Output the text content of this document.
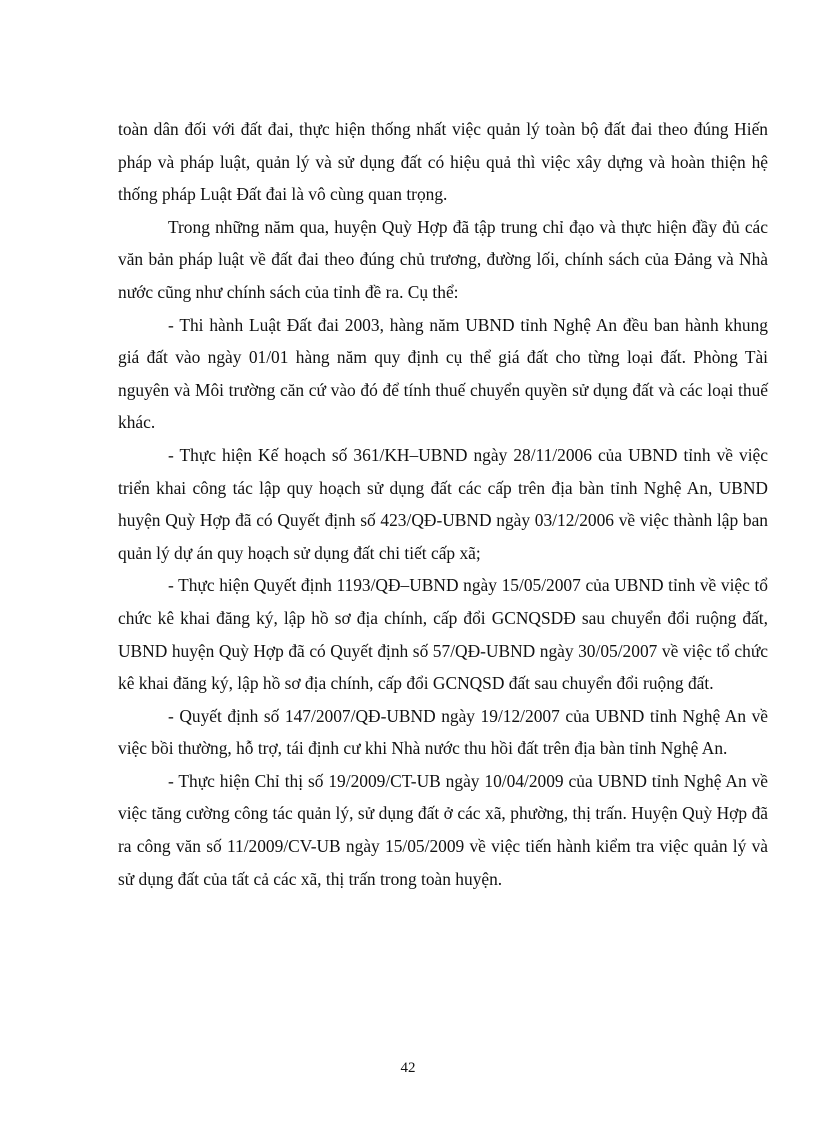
toàn dân đối với đất đai, thực hiện thống nhất việc quản lý toàn bộ đất đai theo đúng Hiến pháp và pháp luật, quản lý và sử dụng đất có hiệu quả thì việc xây dựng và hoàn thiện hệ thống pháp Luật Đất đai là vô cùng quan trọng.

Trong những năm qua, huyện Quỳ Hợp đã tập trung chỉ đạo và thực hiện đầy đủ các văn bản pháp luật về đất đai theo đúng chủ trương, đường lối, chính sách của Đảng và Nhà nước cũng như chính sách của tỉnh đề ra. Cụ thể:

- Thi hành Luật Đất đai 2003, hàng năm UBND tỉnh Nghệ An đều ban hành khung giá đất vào ngày 01/01 hàng năm quy định cụ thể giá đất cho từng loại đất. Phòng Tài nguyên và Môi trường căn cứ vào đó để tính thuế chuyển quyền sử dụng đất và các loại thuế khác.

- Thực hiện Kế hoạch số 361/KH–UBND ngày 28/11/2006 của UBND tỉnh về việc triển khai công tác lập quy hoạch sử dụng đất các cấp trên địa bàn tỉnh Nghệ An, UBND huyện Quỳ Hợp đã có Quyết định số 423/QĐ-UBND ngày 03/12/2006 về việc thành lập ban quản lý dự án quy hoạch sử dụng đất chi tiết cấp xã;

- Thực hiện Quyết định 1193/QĐ–UBND ngày 15/05/2007 của UBND tỉnh về việc tổ chức kê khai đăng ký, lập hồ sơ địa chính, cấp đổi GCNQSDĐ sau chuyển đổi ruộng đất, UBND huyện Quỳ Hợp đã có Quyết định số 57/QĐ-UBND ngày 30/05/2007 về việc tổ chức kê khai đăng ký, lập hồ sơ địa chính, cấp đổi GCNQSD đất sau chuyển đổi ruộng đất.

- Quyết định số 147/2007/QĐ-UBND ngày 19/12/2007 của UBND tỉnh Nghệ An về việc bồi thường, hỗ trợ, tái định cư khi Nhà nước thu hồi đất trên địa bàn tỉnh Nghệ An.

- Thực hiện Chỉ thị số 19/2009/CT-UB ngày 10/04/2009 của UBND tỉnh Nghệ An về việc tăng cường công tác quản lý, sử dụng đất ở các xã, phường, thị trấn. Huyện Quỳ Hợp đã ra công văn số 11/2009/CV-UB ngày 15/05/2009 về việc tiến hành kiểm tra việc quản lý và sử dụng đất của tất cả các xã, thị trấn trong toàn huyện.

42
